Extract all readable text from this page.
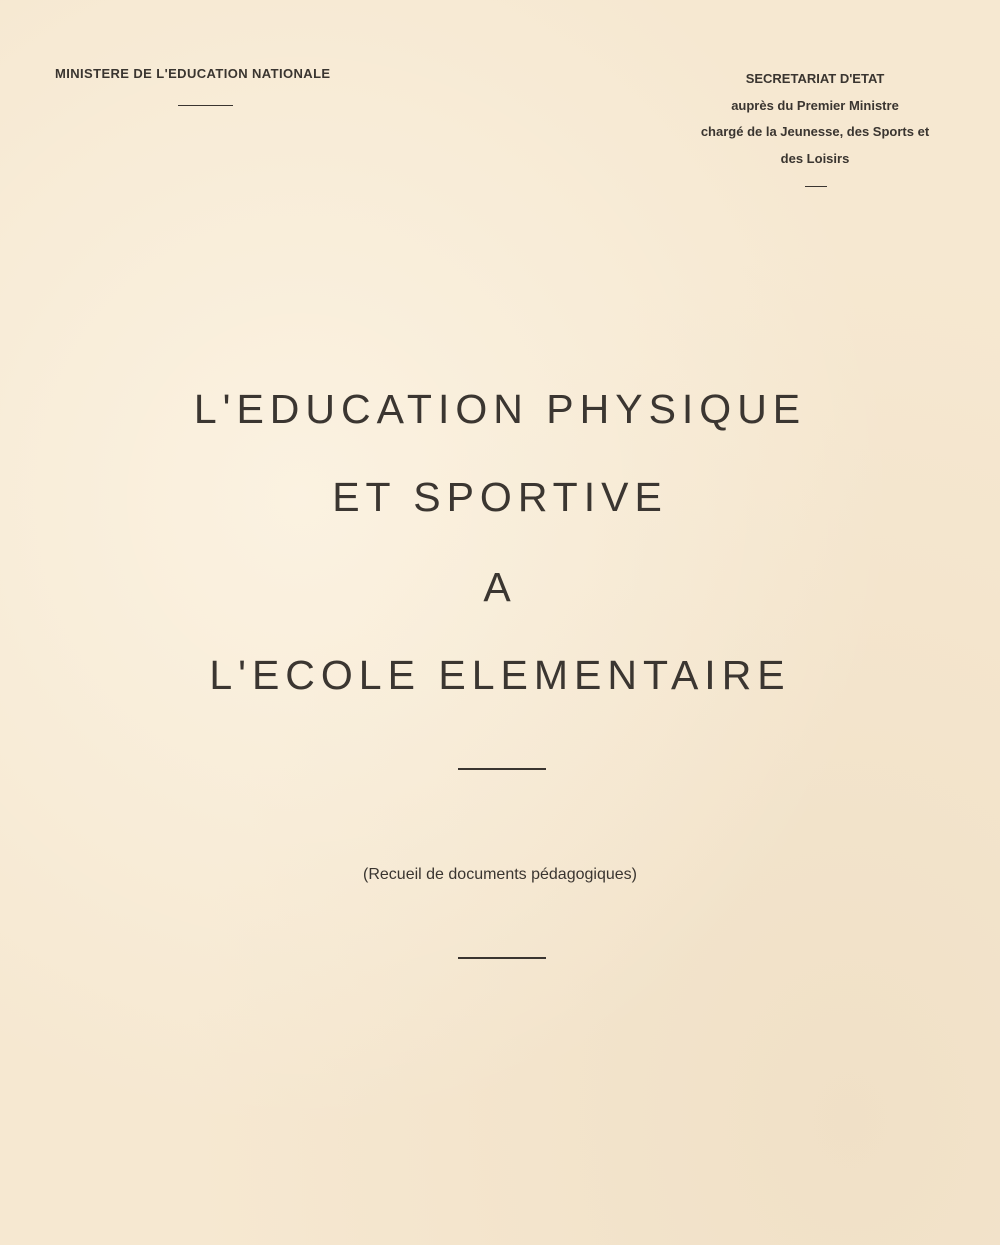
MINISTERE DE L'EDUCATION NATIONALE	SECRETARIAT D'ETAT
auprès du Premier Ministre
chargé de la Jeunesse, des Sports et
des Loisirs
L'EDUCATION PHYSIQUE
ET SPORTIVE
A
L'ECOLE ELEMENTAIRE
(Recueil de documents pédagogiques)
